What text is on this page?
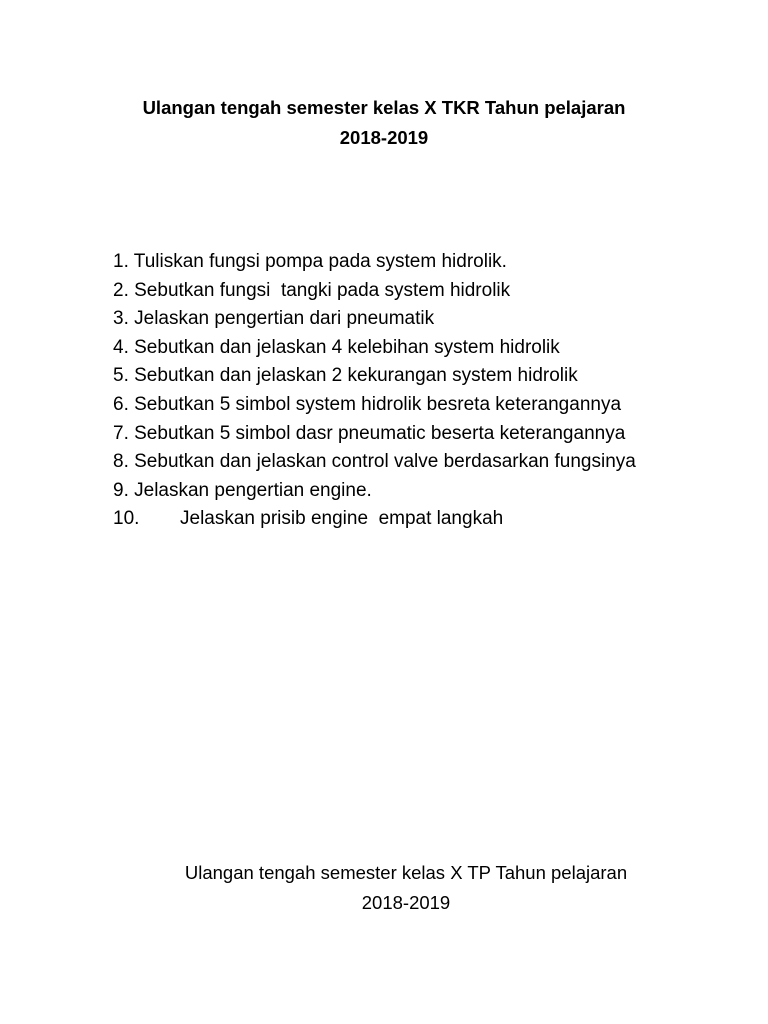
Ulangan tengah semester kelas X TKR Tahun pelajaran
2018-2019
1. Tuliskan fungsi pompa pada system hidrolik.
2. Sebutkan fungsi  tangki pada system hidrolik
3. Jelaskan pengertian dari pneumatik
4. Sebutkan dan jelaskan 4 kelebihan system hidrolik
5. Sebutkan dan jelaskan 2 kekurangan system hidrolik
6. Sebutkan 5 simbol system hidrolik besreta keterangannya
7. Sebutkan 5 simbol dasr pneumatic beserta keterangannya
8. Sebutkan dan jelaskan control valve berdasarkan fungsinya
9. Jelaskan pengertian engine.
10. Jelaskan prisib engine  empat langkah

Ulangan tengah semester kelas X TP Tahun pelajaran
2018-2019
